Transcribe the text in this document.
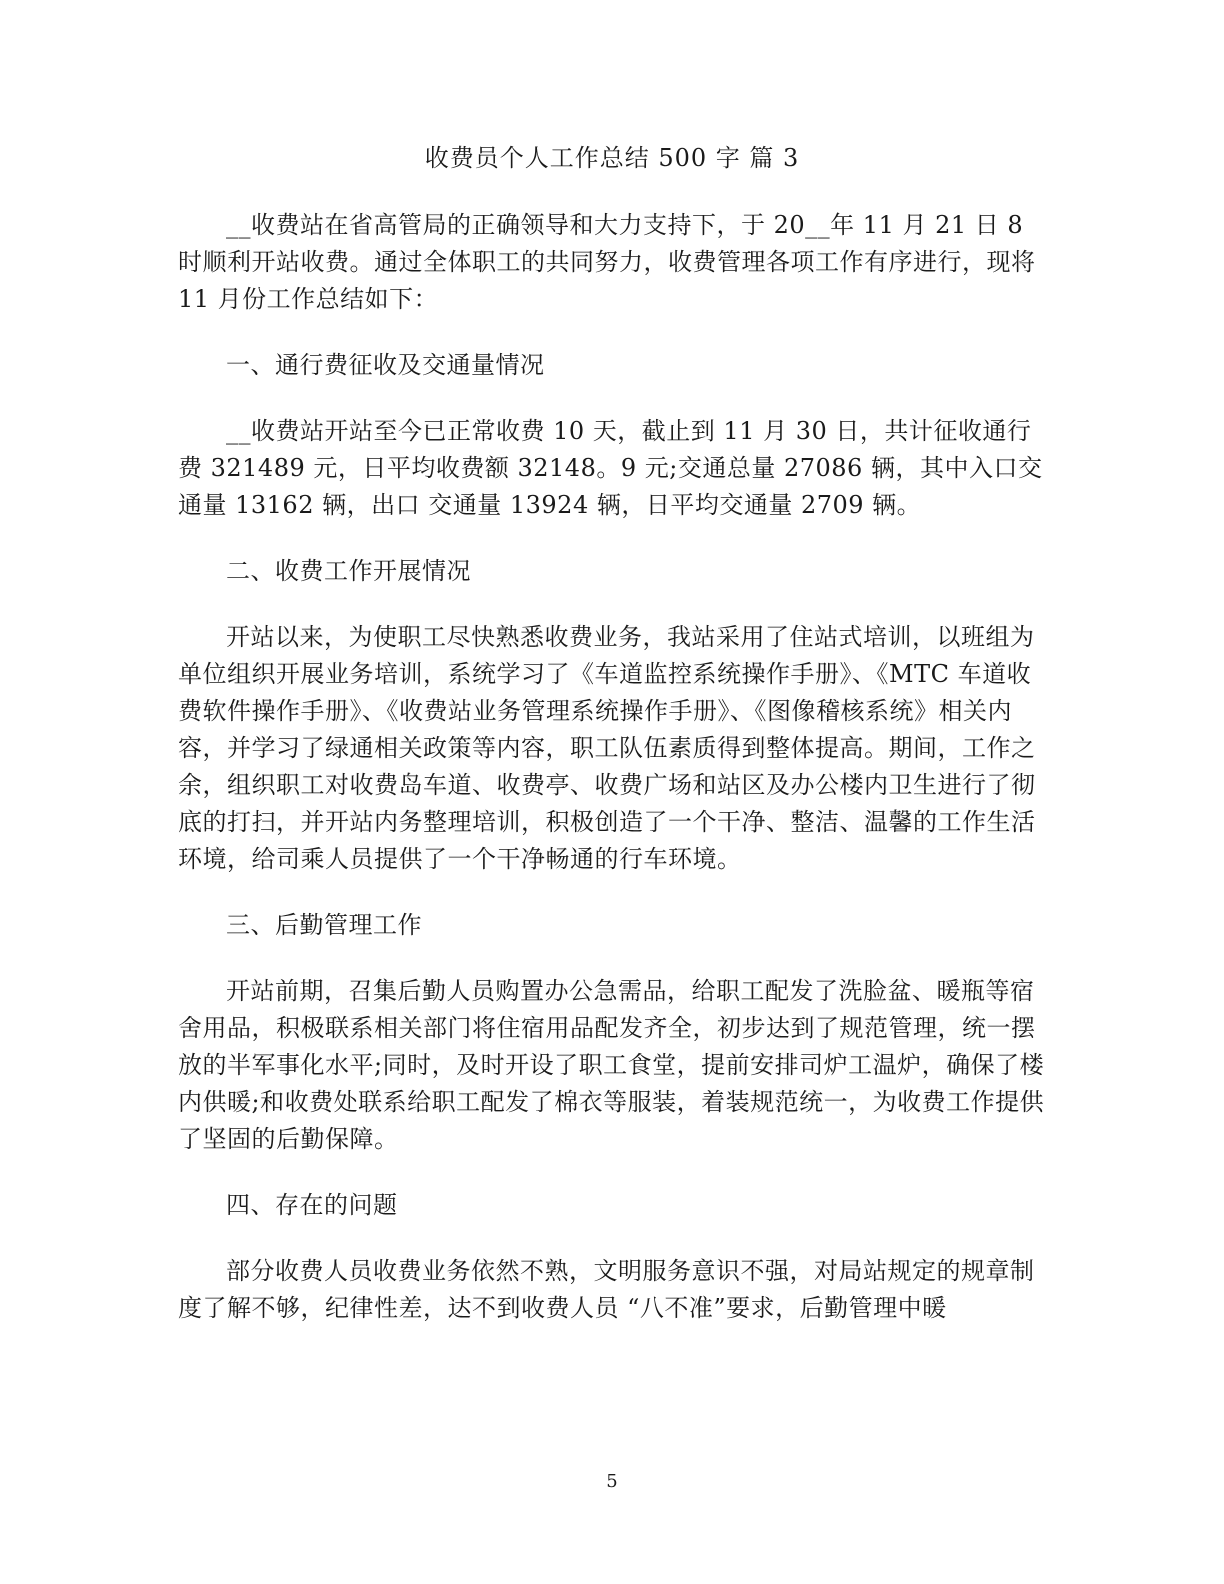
收费员个人工作总结 500 字 篇 3

__收费站在省高管局的正确领导和大力支持下，于 20__年 11 月 21 日 8 时顺利开站收费。通过全体职工的共同努力，收费管理各项工作有序进行，现将 11 月份工作总结如下：

一、通行费征收及交通量情况

__收费站开站至今已正常收费 10 天，截止到 11 月 30 日，共计征收通行费 321489 元，日平均收费额 32148。9 元;交通总量 27086 辆，其中入口交通量 13162 辆，出口 交通量 13924 辆，日平均交通量 2709 辆。

二、收费工作开展情况

开站以来，为使职工尽快熟悉收费业务，我站采用了住站式培训，以班组为单位组织开展业务培训，系统学习了《车道监控系统操作手册》、《MTC 车道收费软件操作手册》、《收费站业务管理系统操作手册》、《图像稽核系统》相关内容，并学习了绿通相关政策等内容，职工队伍素质得到整体提高。期间，工作之余，组织职工对收费岛车道、收费亭、收费广场和站区及办公楼内卫生进行了彻底的打扫，并开站内务整理培训，积极创造了一个干净、整洁、温馨的工作生活环境，给司乘人员提供了一个干净畅通的行车环境。

三、后勤管理工作

开站前期，召集后勤人员购置办公急需品，给职工配发了洗脸盆、暖瓶等宿舍用品，积极联系相关部门将住宿用品配发齐全，初步达到了规范管理，统一摆放的半军事化水平;同时，及时开设了职工食堂，提前安排司炉工温炉，确保了楼内供暖;和收费处联系给职工配发了棉衣等服装，着装规范统一，为收费工作提供了坚固的后勤保障。

四、存在的问题

部分收费人员收费业务依然不熟，文明服务意识不强，对局站规定的规章制度了解不够，纪律性差，达不到收费人员 “八不准”要求，后勤管理中暖

5
